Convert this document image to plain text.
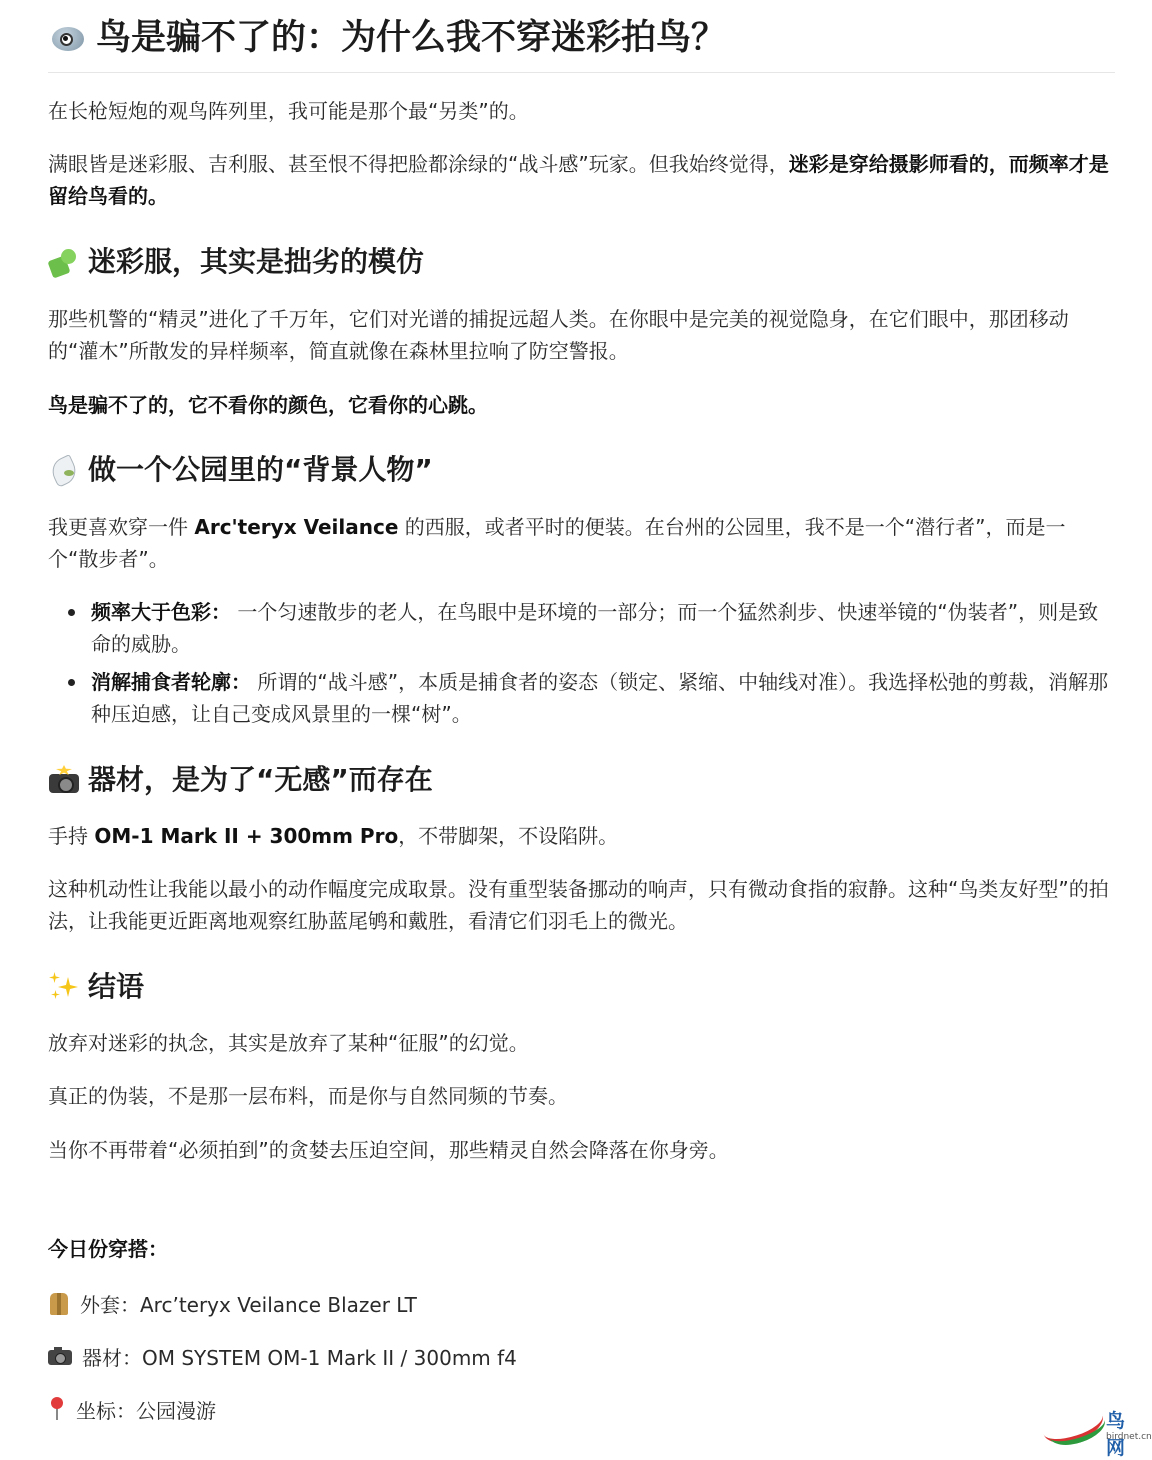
鸟是骗不了的：为什么我不穿迷彩拍鸟？

在长枪短炮的观鸟阵列里，我可能是那个最“另类”的。

满眼皆是迷彩服、吉利服、甚至恨不得把脸都涂绿的“战斗感”玩家。但我始终觉得，迷彩是穿给摄影师看的，而频率才是留给鸟看的。

迷彩服，其实是拙劣的模仿

那些机警的“精灵”进化了千万年，它们对光谱的捕捉远超人类。在你眼中是完美的视觉隐身，在它们眼中，那团移动的“灌木”所散发的异样频率，简直就像在森林里拉响了防空警报。

鸟是骗不了的，它不看你的颜色，它看你的心跳。

做一个公园里的“背景人物”

我更喜欢穿一件 Arc'teryx Veilance 的西服，或者平时的便装。在台州的公园里，我不是一个“潜行者”，而是一个“散步者”。

频率大于色彩： 一个匀速散步的老人，在鸟眼中是环境的一部分；而一个猛然刹步、快速举镜的“伪装者”，则是致命的威胁。
消解捕食者轮廓： 所谓的“战斗感”，本质是捕食者的姿态（锁定、紧缩、中轴线对准）。我选择松弛的剪裁，消解那种压迫感，让自己变成风景里的一棵“树”。
器材，是为了“无感”而存在

手持 OM-1 Mark II + 300mm Pro，不带脚架，不设陷阱。

这种机动性让我能以最小的动作幅度完成取景。没有重型装备挪动的响声，只有微动食指的寂静。这种“鸟类友好型”的拍法，让我能更近距离地观察红胁蓝尾鸲和戴胜，看清它们羽毛上的微光。

结语

放弃对迷彩的执念，其实是放弃了某种“征服”的幻觉。

真正的伪装，不是那一层布料，而是你与自然同频的节奏。

当你不再带着“必须拍到”的贪婪去压迫空间，那些精灵自然会降落在你身旁。

今日份穿搭：

外套：Arc’teryx Veilance Blazer LT
器材：OM SYSTEM OM-1 Mark II / 300mm f4
坐标：公园漫游	鸟网
birdnet.cn
